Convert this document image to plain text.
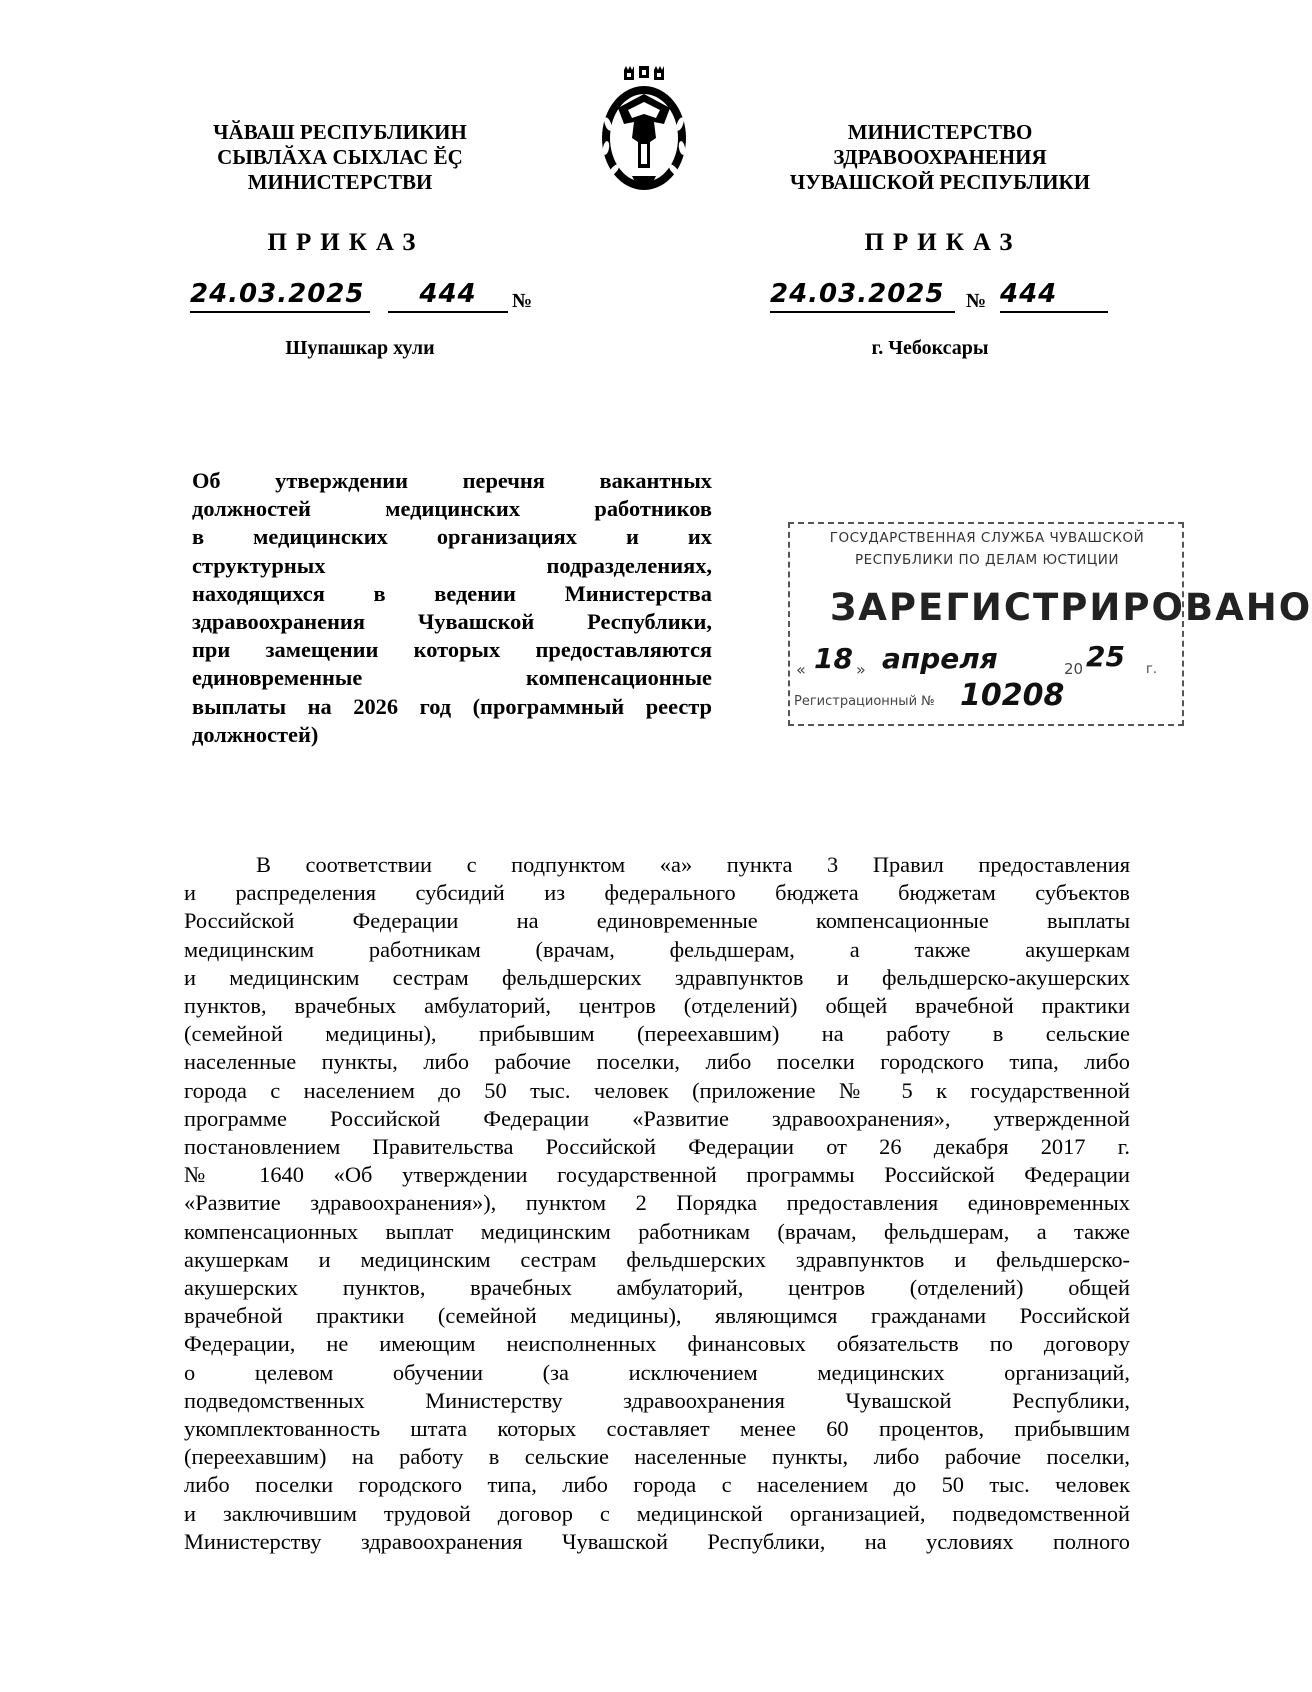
ЧӐВАШ РЕСПУБЛИКИН
СЫВЛӐХА СЫХЛАС ӖҪ
МИНИСТЕРСТВИ
МИНИСТЕРСТВО
ЗДРАВООХРАНЕНИЯ
ЧУВАШСКОЙ РЕСПУБЛИКИ
ПРИКАЗ	ПРИКАЗ
24.03.2025	444	№	24.03.2025	№ 444
Шупашкар хули	г. Чебоксары
Об утверждении перечня вакантных
должностей медицинских работников
в медицинских организациях и их
структурных подразделениях,
находящихся в ведении Министерства
здравоохранения Чувашской Республики,
при замещении которых предоставляются
единовременные компенсационные
выплаты на 2026 год (программный реестр
должностей)
ГОСУДАРСТВЕННАЯ СЛУЖБА ЧУВАШСКОЙ
РЕСПУБЛИКИ ПО ДЕЛАМ ЮСТИЦИИ
ЗАРЕГИСТРИРОВАНО
« 18 » апреля	20 25 г.
Регистрационный № 10208
В соответствии с подпунктом «а» пункта 3 Правил предоставления
и распределения субсидий из федерального бюджета бюджетам субъектов
Российской Федерации на единовременные компенсационные выплаты
медицинским работникам (врачам, фельдшерам, а также акушеркам
и медицинским сестрам фельдшерских здравпунктов и фельдшерско-акушерских
пунктов, врачебных амбулаторий, центров (отделений) общей врачебной практики
(семейной медицины), прибывшим (переехавшим) на работу в сельские
населенные пункты, либо рабочие поселки, либо поселки городского типа, либо
города с населением до 50 тыс. человек (приложение № 5 к государственной
программе Российской Федерации «Развитие здравоохранения», утвержденной
постановлением Правительства Российской Федерации от 26 декабря 2017 г.
№ 1640 «Об утверждении государственной программы Российской Федерации
«Развитие здравоохранения»), пунктом 2 Порядка предоставления единовременных
компенсационных выплат медицинским работникам (врачам, фельдшерам, а также
акушеркам и медицинским сестрам фельдшерских здравпунктов и фельдшерско-
акушерских пунктов, врачебных амбулаторий, центров (отделений) общей
врачебной практики (семейной медицины), являющимся гражданами Российской
Федерации, не имеющим неисполненных финансовых обязательств по договору
о целевом обучении (за исключением медицинских организаций,
подведомственных Министерству здравоохранения Чувашской Республики,
укомплектованность штата которых составляет менее 60 процентов, прибывшим
(переехавшим) на работу в сельские населенные пункты, либо рабочие поселки,
либо поселки городского типа, либо города с населением до 50 тыс. человек
и заключившим трудовой договор с медицинской организацией, подведомственной
Министерству здравоохранения Чувашской Республики, на условиях полного
